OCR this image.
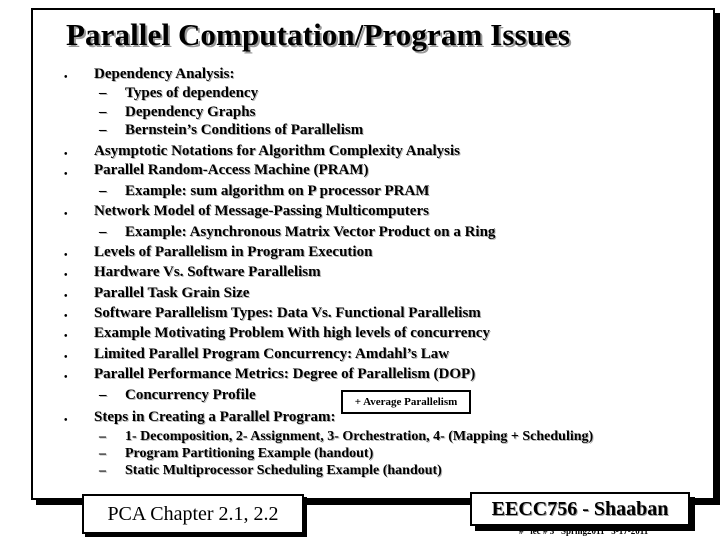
Parallel Computation/Program Issues
• Dependency Analysis:
– Types of dependency
– Dependency Graphs
– Bernstein’s Conditions of Parallelism
• Asymptotic Notations for Algorithm Complexity Analysis
• Parallel Random-Access Machine (PRAM)
– Example: sum algorithm on P processor PRAM
• Network Model of Message-Passing Multicomputers
– Example: Asynchronous Matrix Vector Product on a Ring
• Levels of Parallelism in Program Execution
• Hardware Vs. Software Parallelism
• Parallel Task Grain Size
• Software Parallelism Types: Data Vs. Functional Parallelism
• Example Motivating Problem With high levels of concurrency
• Limited Parallel Program Concurrency: Amdahl’s Law
• Parallel Performance Metrics: Degree of Parallelism (DOP)
– Concurrency Profile	+ Average Parallelism
• Steps in Creating a Parallel Program:
– 1- Decomposition, 2- Assignment, 3- Orchestration, 4- (Mapping + Scheduling)
– Program Partitioning Example (handout)
– Static Multiprocessor Scheduling Example (handout)
PCA Chapter 2.1, 2.2	EECC756 - Shaaban
# lec # 3 Spring2011 3-17-2011
